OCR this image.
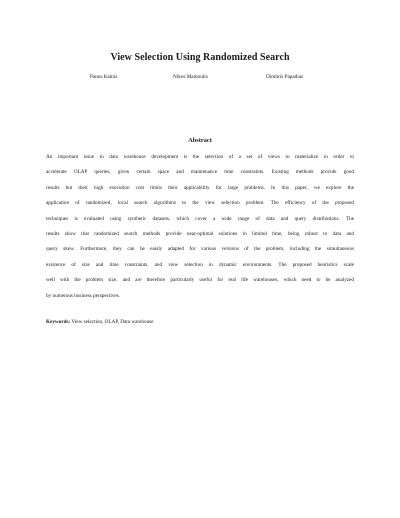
View Selection Using Randomized Search
Panos Kalnis	Nikos Mamoulis	Dimitris Papadias
Abstract
An important issue in data warehouse development is the selection of a set of views to materialize in order to
accelerate OLAP queries, given certain space and maintenance time constraints. Existing methods provide good
results but their high execution cost limits their applicability for large problems. In this paper, we explore the
application of randomized, local search algorithms to the view selection problem. The efficiency of the proposed
techniques is evaluated using synthetic datasets, which cover a wide range of data and query distributions. The
results show that randomized search methods provide near-optimal solutions in limited time, being robust to data and
query skew. Furthermore, they can be easily adapted for various versions of the problem, including the simultaneous
existence of size and time constraints, and view selection in dynamic environments. The proposed heuristics scale
well with the problem size, and are therefore particularly useful for real life warehouses, which need to be analyzed
by numerous business perspectives.
Keywords: View selection, OLAP, Data warehouse
